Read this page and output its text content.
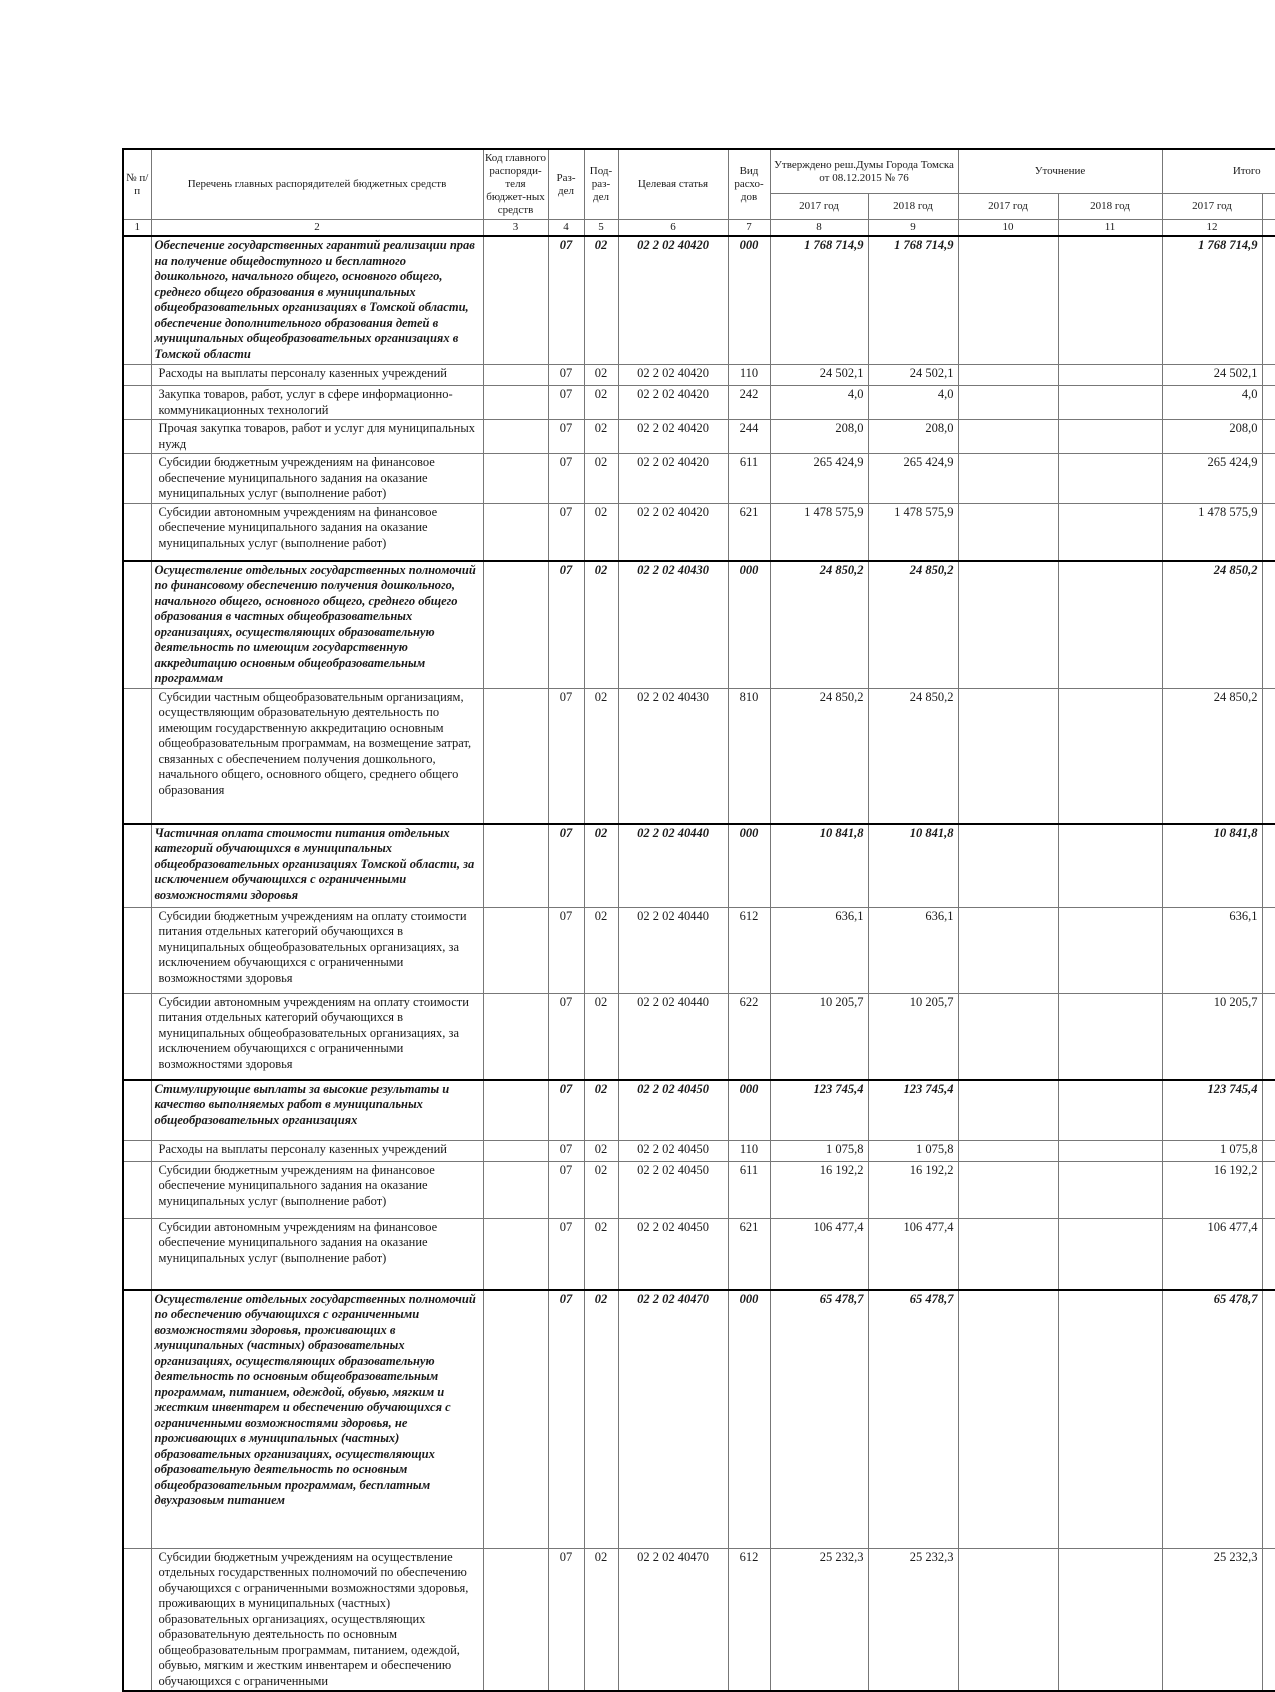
№ п/п	Перечень главных распорядителей бюджетных средств	Код главного распоряди-теля бюджет-ных средств	Раз-дел	Под-раз-дел	Целевая статья	Вид расхо-дов	Утверждено реш.Думы Города Томска от 08.12.2015 № 76		Уточнение		Итого	
							2017 год	2018 год	2017 год	2018 год	2017 год	
1	2	3	4	5	6	7	8	9	10	11	12	
	Обеспечение государственных гарантий реализации прав на получение общедоступного и бесплатного дошкольного, начального общего, основного общего, среднего общего образования в муниципальных общеобразовательных организациях в Томской области, обеспечение дополнительного образования детей в муниципальных общеобразовательных организациях в Томской области		07	02	02 2 02 40420	000	1 768 714,9	1 768 714,9			1 768 714,9	
	Расходы на выплаты персоналу казенных учреждений		07	02	02 2 02 40420	110	24 502,1	24 502,1			24 502,1	
	Закупка товаров, работ, услуг в сфере информационно-коммуникационных технологий		07	02	02 2 02 40420	242	4,0	4,0			4,0	
	Прочая закупка товаров, работ и услуг для муниципальных нужд		07	02	02 2 02 40420	244	208,0	208,0			208,0	
	Субсидии бюджетным учреждениям на финансовое обеспечение муниципального задания на оказание муниципальных услуг (выполнение работ)		07	02	02 2 02 40420	611	265 424,9	265 424,9			265 424,9	
	Субсидии автономным учреждениям на финансовое обеспечение муниципального задания на оказание муниципальных услуг (выполнение работ)		07	02	02 2 02 40420	621	1 478 575,9	1 478 575,9			1 478 575,9	
	Осуществление отдельных государственных полномочий по финансовому обеспечению получения дошкольного, начального общего, основного общего, среднего общего образования в частных общеобразовательных организациях, осуществляющих образовательную деятельность по имеющим государственную аккредитацию основным общеобразовательным программам		07	02	02 2 02 40430	000	24 850,2	24 850,2			24 850,2	
	Субсидии частным общеобразовательным организациям, осуществляющим образовательную деятельность по имеющим государственную аккредитацию основным общеобразовательным программам, на возмещение затрат, связанных с обеспечением получения дошкольного, начального общего, основного общего, среднего общего образования		07	02	02 2 02 40430	810	24 850,2	24 850,2			24 850,2	
	Частичная оплата стоимости питания отдельных категорий обучающихся в муниципальных общеобразовательных организациях Томской области, за исключением обучающихся с ограниченными возможностями здоровья		07	02	02 2 02 40440	000	10 841,8	10 841,8			10 841,8	
	Субсидии бюджетным учреждениям на оплату стоимости питания отдельных категорий обучающихся в муниципальных общеобразовательных организациях, за исключением обучающихся с ограниченными возможностями здоровья		07	02	02 2 02 40440	612	636,1	636,1			636,1	
	Субсидии автономным учреждениям на оплату стоимости питания отдельных категорий обучающихся в муниципальных общеобразовательных организациях, за исключением обучающихся с ограниченными возможностями здоровья		07	02	02 2 02 40440	622	10 205,7	10 205,7			10 205,7	
	Стимулирующие выплаты за высокие результаты и качество выполняемых работ в муниципальных общеобразовательных организациях		07	02	02 2 02 40450	000	123 745,4	123 745,4			123 745,4	
	Расходы на выплаты персоналу казенных учреждений		07	02	02 2 02 40450	110	1 075,8	1 075,8			1 075,8	
	Субсидии бюджетным учреждениям на финансовое обеспечение муниципального задания на оказание муниципальных услуг (выполнение работ)		07	02	02 2 02 40450	611	16 192,2	16 192,2			16 192,2	
	Субсидии автономным учреждениям на финансовое обеспечение муниципального задания на оказание муниципальных услуг (выполнение работ)		07	02	02 2 02 40450	621	106 477,4	106 477,4			106 477,4	
	Осуществление отдельных государственных полномочий по обеспечению обучающихся с ограниченными возможностями здоровья, проживающих в муниципальных (частных) образовательных организациях, осуществляющих образовательную деятельность по основным общеобразовательным программам, питанием, одеждой, обувью, мягким и жестким инвентарем и обеспечению обучающихся с ограниченными возможностями здоровья, не проживающих в муниципальных (частных) образовательных организациях, осуществляющих образовательную деятельность по основным общеобразовательным программам, бесплатным двухразовым питанием		07	02	02 2 02 40470	000	65 478,7	65 478,7			65 478,7	
	Субсидии бюджетным учреждениям на осуществление отдельных государственных полномочий по обеспечению обучающихся с ограниченными возможностями здоровья, проживающих в муниципальных (частных) образовательных организациях, осуществляющих образовательную деятельность по основным общеобразовательным программам, питанием, одеждой, обувью, мягким и жестким инвентарем и обеспечению обучающихся с ограниченными		07	02	02 2 02 40470	612	25 232,3	25 232,3			25 232,3	
